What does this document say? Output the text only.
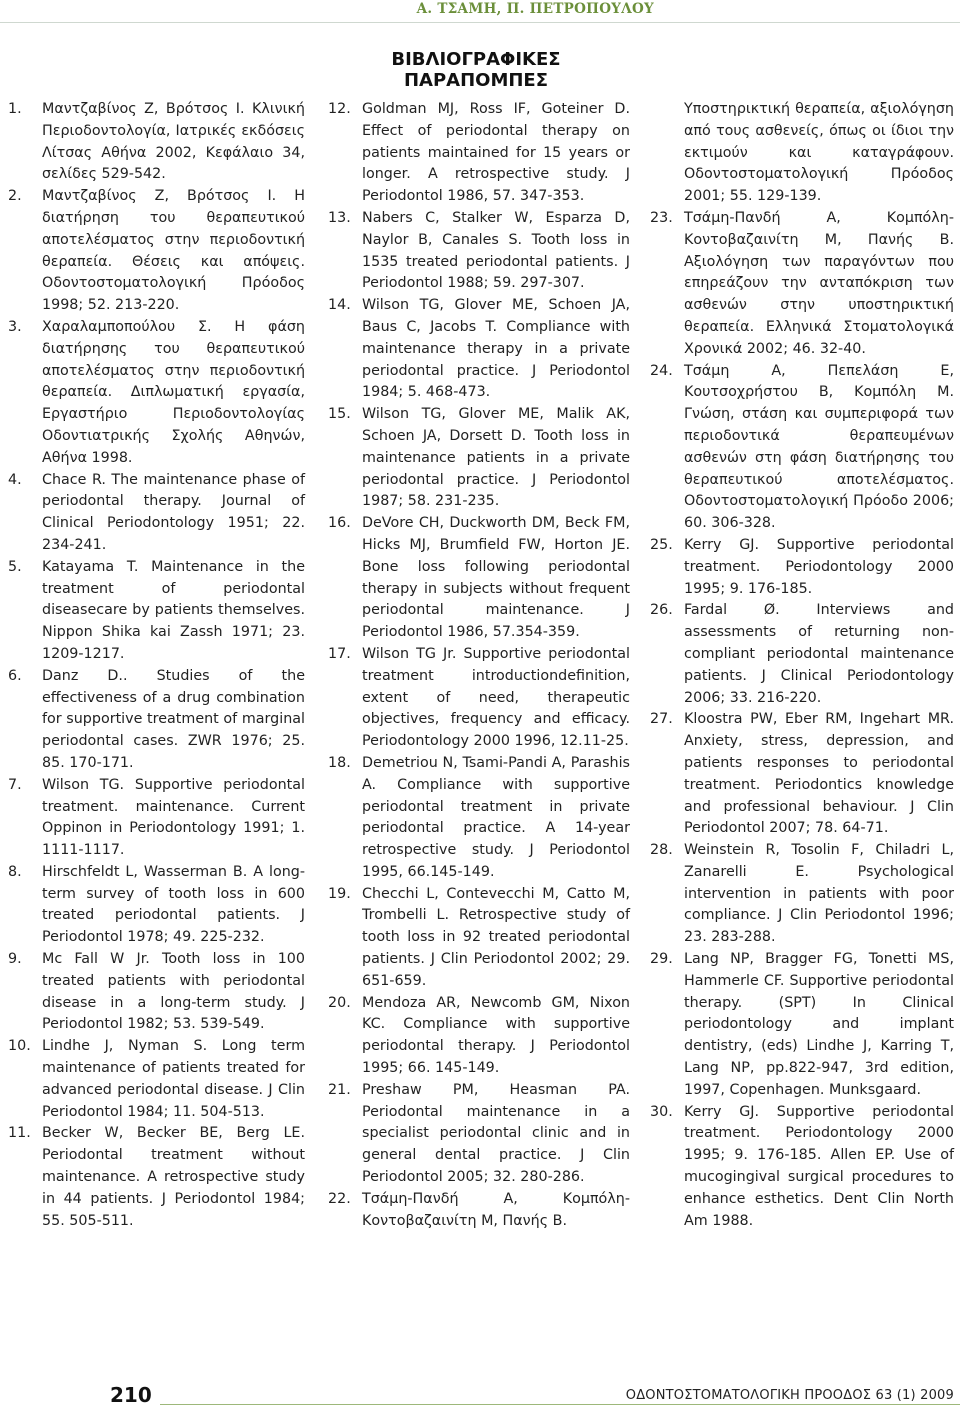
Α. ΤΣΑΜΗ, Π. ΠΕΤΡΟΠΟΥΛΟΥ
ΒΙΒΛΙΟΓΡΑΦΙΚΕΣ ΠΑΡΑΠΟΜΠΕΣ
1.	Μαντζαβίνος Ζ, Βρότσος Ι. Κλινική Περιοδοντολογία, Ιατρικές εκδόσεις Λίτσας Αθήνα 2002, Κεφάλαιο 34, σελίδες 529-542.
2.	Μαντζαβίνος Ζ, Βρότσος Ι. Η διατήρηση του θεραπευτικού αποτελέσματος στην περιοδοντική θεραπεία. Θέσεις και απόψεις. Οδοντοστοματολογική Πρόοδος 1998; 52. 213-220.
3.	Χαραλαμποπούλου Σ. Η φάση διατήρησης του θεραπευτικού αποτελέσματος στην περιοδοντική θεραπεία. Διπλωματική εργασία, Εργαστήριο Περιοδοντολογίας Οδοντιατρικής Σχολής Αθηνών, Αθήνα 1998.
4.	Chace R. The maintenance phase of periodontal therapy. Journal of Clinical Periodontology 1951; 22. 234-241.
5.	Katayama T. Maintenance in the treatment of periodontal diseasecare by patients themselves. Nippon Shika kai Zassh 1971; 23. 1209-1217.
6.	Danz D.. Studies of the effectiveness of a drug combination for supportive treatment of marginal periodontal cases. ZWR 1976; 25. 85. 170-171.
7.	Wilson TG. Supportive periodontal treatment. maintenance. Current Oppinon in Periodontology 1991; 1. 1111-1117.
8.	Hirschfeldt L, Wasserman B. A long-term survey of tooth loss in 600 treated periodontal patients. J Periodontol 1978; 49. 225-232.
9.	Mc Fall W Jr. Tooth loss in 100 treated patients with periodontal disease in a long-term study. J Periodontol 1982; 53. 539-549.
10. Lindhe J, Nyman S. Long term maintenance of patients treated for advanced periodontal disease. J Clin Periodontol 1984; 11. 504-513.
11. Becker W, Becker BE, Berg LE. Periodontal treatment without maintenance. A retrospective study in 44 patients. J Periodontol 1984; 55. 505-511.
12. Goldman MJ, Ross IF, Goteiner D. Effect of periodontal therapy on patients maintained for 15 years or longer. A retrospective study. J Periodontol 1986, 57. 347-353.
13. Nabers C, Stalker W, Esparza D, Naylor B, Canales S. Tooth loss in 1535 treated periodontal patients. J Periodontol 1988; 59. 297-307.
14. Wilson TG, Glover ME, Schoen JA, Baus C, Jacobs T. Compliance with maintenance therapy in a private periodontal practice. J Periodontol 1984; 5. 468-473.
15. Wilson TG, Glover ME, Malik AK, Schoen JA, Dorsett D. Tooth loss in maintenance patients in a private periodontal practice. J Periodontol 1987; 58. 231-235.
16. DeVore CH, Duckworth DM, Beck FM, Hicks MJ, Brumfield FW, Horton JE. Bone loss following periodontal therapy in subjects without frequent periodontal maintenance. J Periodontol 1986, 57.354-359.
17. Wilson TG Jr. Supportive periodontal treatment introductiondefinition, extent of need, therapeutic objectives, frequency and efficacy. Periodontology 2000 1996, 12.11-25.
18. Demetriou N, Tsami-Pandi A, Parashis A. Compliance with supportive periodontal treatment in private periodontal practice. A 14-year retrospective study. J Periodontol 1995, 66.145-149.
19. Checchi L, Contevecchi M, Catto M, Trombelli L. Retrospective study of tooth loss in 92 treated periodontal patients. J Clin Periodontol 2002; 29. 651-659.
20. Mendoza AR, Newcomb GM, Nixon KC. Compliance with supportive periodontal therapy. J Periodontol 1995; 66. 145-149.
21. Preshaw PM, Heasman PA. Periodontal maintenance in a specialist periodontal clinic and in general dental practice. J Clin Periodontol 2005; 32. 280-286.
22. Τσάμη-Πανδή Α, Κομπόλη-Κοντοβαζαινίτη Μ, Πανής Β.
Υποστηρικτική θεραπεία, αξιολόγηση από τους ασθενείς, όπως οι ίδιοι την εκτιμούν και καταγράφουν. Οδοντοστοματολογική Πρόοδος 2001; 55. 129-139.
23. Τσάμη-Πανδή Α, Κομπόλη-Κοντοβαζαινίτη Μ, Πανής Β. Αξιολόγηση των παραγόντων που επηρεάζουν την ανταπόκριση των ασθενών στην υποστηρικτική θεραπεία. Ελληνικά Στοματολογικά Χρονικά 2002; 46. 32-40.
24. Τσάμη Α, Πεπελάση Ε, Κουτσοχρήστου Β, Κομπόλη Μ. Γνώση, στάση και συμπεριφορά των περιοδοντικά θεραπευμένων ασθενών στη φάση διατήρησης του θεραπευτικού αποτελέσματος. Οδοντοστοματολογική Πρόοδο 2006; 60. 306-328.
25. Kerry GJ. Supportive periodontal treatment. Periodontology 2000 1995; 9. 176-185.
26. Fardal Ø. Interviews and assessments of returning non-compliant periodontal maintenance patients. J Clinical Periodontology 2006; 33. 216-220.
27. Kloostra PW, Eber RM, Ingehart MR. Anxiety, stress, depression, and patients responses to periodontal treatment. Periodontics knowledge and professional behaviour. J Clin Periodontol 2007; 78. 64-71.
28. Weinstein R, Tosolin F, Chiladri L, Zanarelli E. Psychological intervention in patients with poor compliance. J Clin Periodontol 1996; 23. 283-288.
29. Lang NP, Bragger FG, Tonetti MS, Hammerle CF. Supportive periodontal therapy. (SPT) In Clinical periodontology and implant dentistry, (eds) Lindhe J, Karring T, Lang NP, pp.822-947, 3rd edition, 1997, Copenhagen. Munksgaard.
30. Kerry GJ. Supportive periodontal treatment. Periodontology 2000 1995; 9. 176-185. Allen EP. Use of mucogingival surgical procedures to enhance esthetics. Dent Clin North Am 1988.
210	ΟΔΟΝΤΟΣΤΟΜΑΤΟΛΟΓΙΚΗ ΠΡΟΟΔΟΣ 63 (1) 2009
